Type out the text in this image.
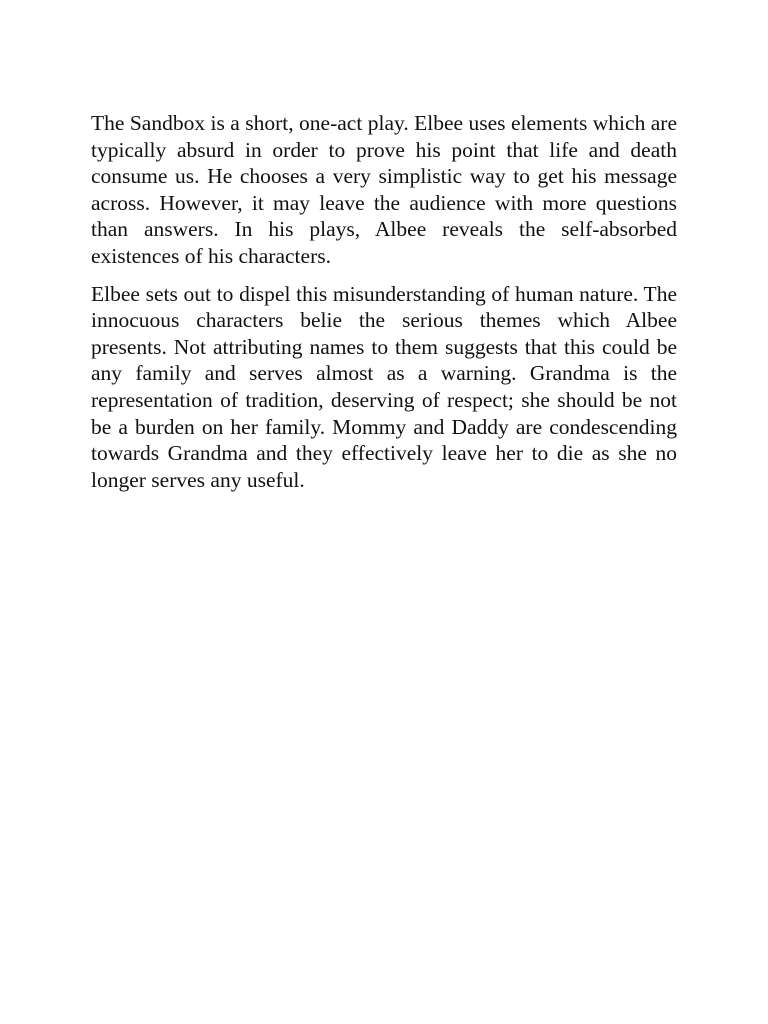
The Sandbox is a short, one-act play. Elbee uses elements which are typically absurd in order to prove his point that life and death consume us. He chooses a very simplistic way to get his message across. However, it may leave the audience with more questions than answers. In his plays, Albee reveals the self-absorbed existences of his characters.

Elbee sets out to dispel this misunderstanding of human nature. The innocuous characters belie the serious themes which Albee presents. Not attributing names to them suggests that this could be any family and serves almost as a warning. Grandma is the representation of tradition, deserving of respect; she should be not be a burden on her family. Mommy and Daddy are condescending towards Grandma and they effectively leave her to die as she no longer serves any useful.
